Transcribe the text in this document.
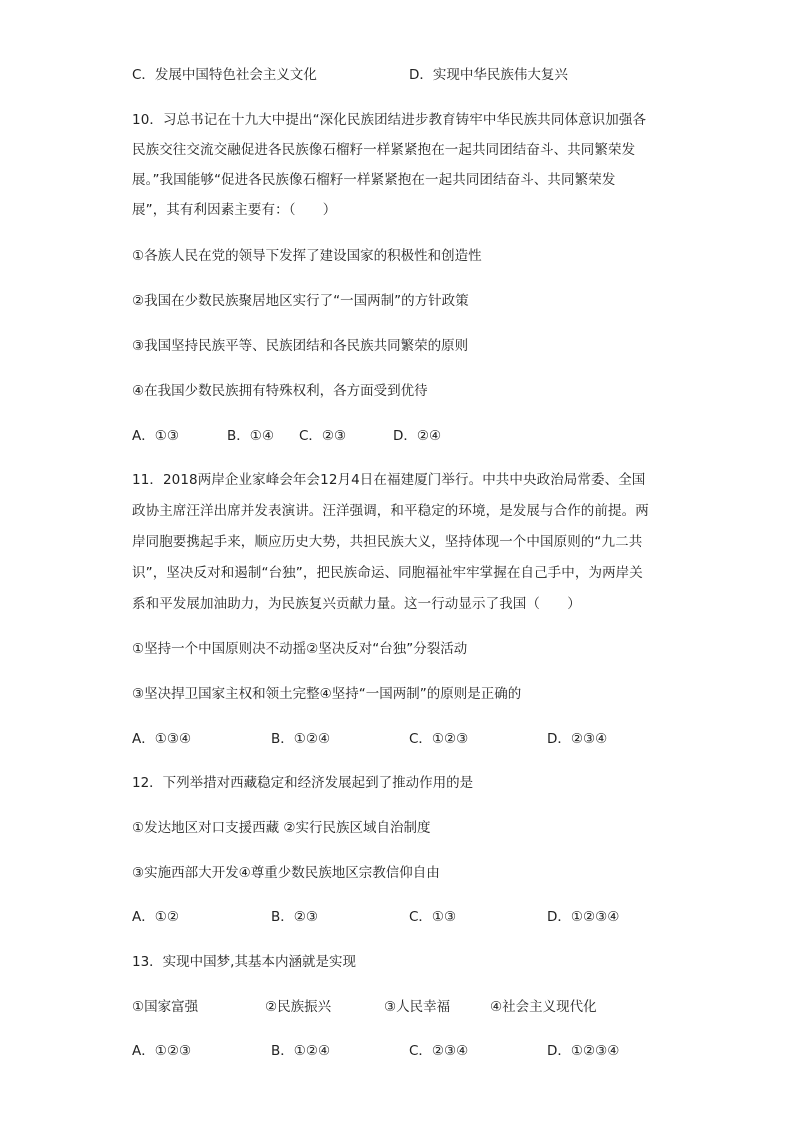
C．发展中国特色社会主义文化	D．实现中华民族伟大复兴
10．习总书记在十九大中提出“深化民族团结进步教育铸牢中华民族共同体意识加强各
民族交往交流交融促进各民族像石榴籽一样紧紧抱在一起共同团结奋斗、共同繁荣发
展。”我国能够“促进各民族像石榴籽一样紧紧抱在一起共同团结奋斗、共同繁荣发
展”，其有利因素主要有：（　　）
①各族人民在党的领导下发挥了建设国家的积极性和创造性
②我国在少数民族聚居地区实行了“一国两制”的方针政策
③我国坚持民族平等、民族团结和各民族共同繁荣的原则
④在我国少数民族拥有特殊权利，各方面受到优待
A．①③	B．①④ C．②③	D．②④
11．2018两岸企业家峰会年会12月4日在福建厦门举行。中共中央政治局常委、全国
政协主席汪洋出席并发表演讲。汪洋强调，和平稳定的环境，是发展与合作的前提。两
岸同胞要携起手来，顺应历史大势，共担民族大义，坚持体现一个中国原则的“九二共
识”，坚决反对和遏制“台独”，把民族命运、同胞福祉牢牢掌握在自己手中，为两岸关
系和平发展加油助力，为民族复兴贡献力量。这一行动显示了我国（　　）
①坚持一个中国原则决不动摇②坚决反对“台独”分裂活动
③坚决捍卫国家主权和领土完整④坚持“一国两制”的原则是正确的
A．①③④	B．①②④	C．①②③	D．②③④
12．下列举措对西藏稳定和经济发展起到了推动作用的是
①发达地区对口支援西藏 ②实行民族区域自治制度
③实施西部大开发④尊重少数民族地区宗教信仰自由
A．①②	B．②③	C．①③	D．①②③④
13．实现中国梦,其基本内涵就是实现
①国家富强	②民族振兴	③人民幸福	④社会主义现代化
A．①②③	B．①②④	C．②③④	D．①②③④
